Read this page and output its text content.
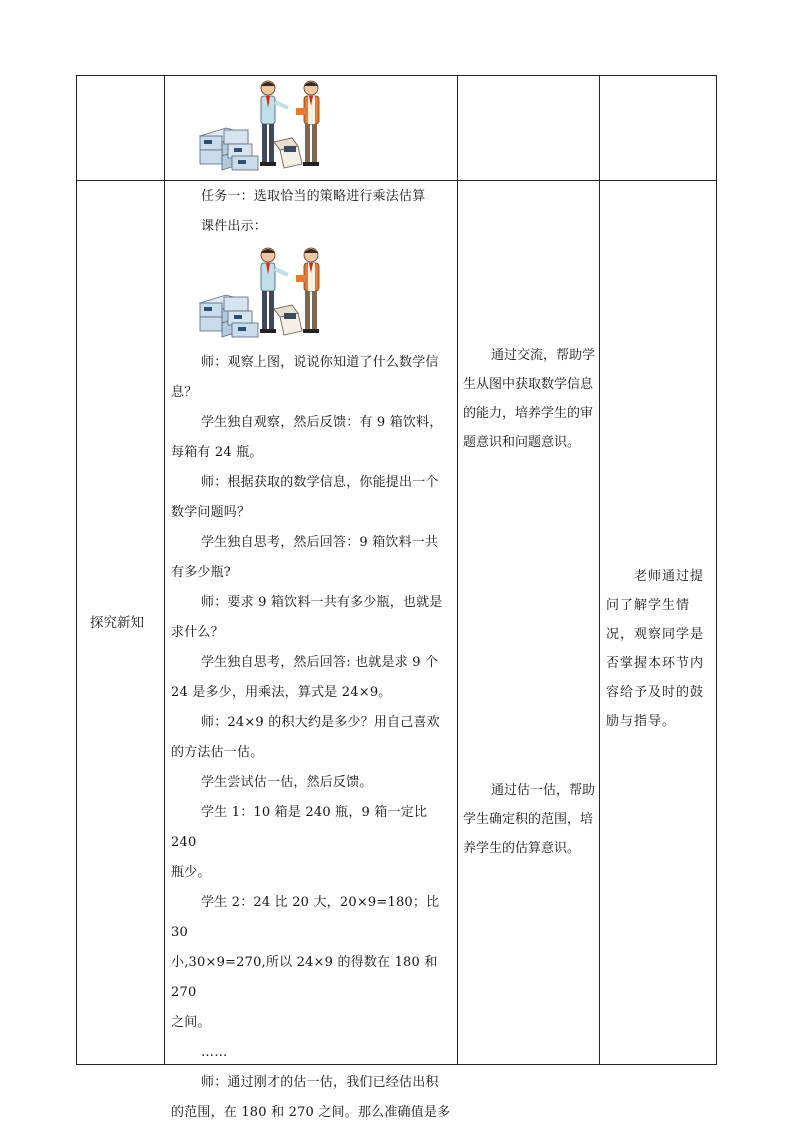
探究新知

任务一：选取恰当的策略进行乘法估算

课件出示：

师：观察上图，说说你知道了什么数学信

息？

学生独自观察，然后反馈：有 9 箱饮料，

每箱有 24 瓶。

师：根据获取的数学信息，你能提出一个

数学问题吗？

学生独自思考，然后回答：9 箱饮料一共

有多少瓶?

师：要求 9 箱饮料一共有多少瓶，也就是

求什么？

学生独自思考，然后回答: 也就是求 9 个

24 是多少，用乘法，算式是 24×9。

师：24×9 的积大约是多少？用自己喜欢

的方法估一估。

学生尝试估一估，然后反馈。

学生 1：10 箱是 240 瓶，9 箱一定比 240

瓶少。

学生 2：24 比 20 大，20×9=180；比 30

小,30×9=270,所以 24×9 的得数在 180 和 270

之间。

……

师：通过刚才的估一估，我们已经估出积

的范围，在 180 和 270 之间。那么准确值是多

通过交流，帮助学生从图中获取数学信息的能力，培养学生的审题意识和问题意识。

通过估一估，帮助学生确定积的范围，培养学生的估算意识。

老师通过提问了解学生情况，观察同学是否掌握本环节内容给予及时的鼓励与指导。
